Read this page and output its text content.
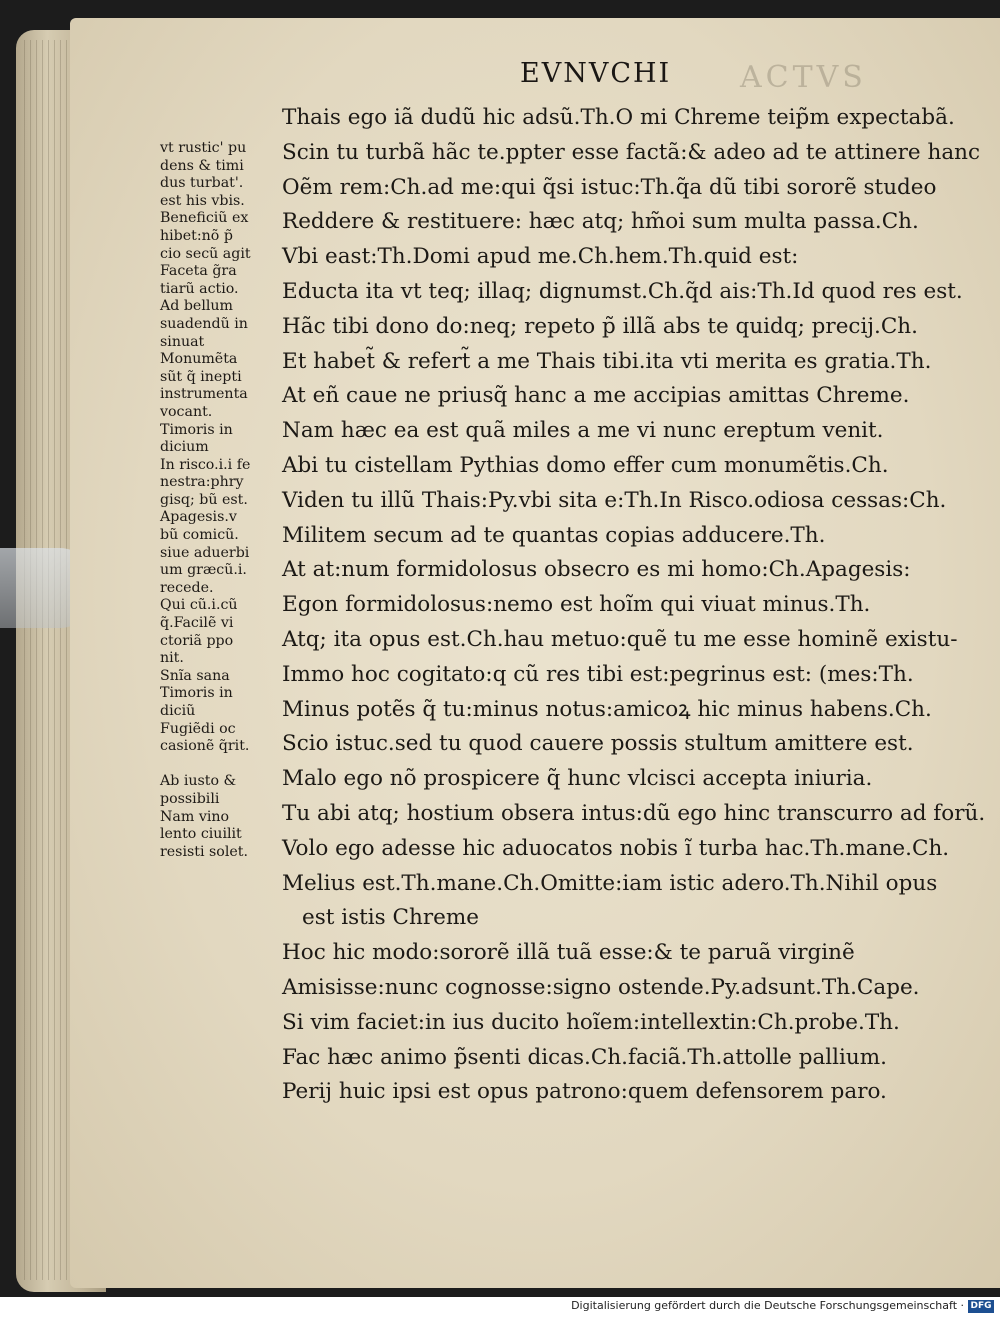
ACTVS
EVNVCHI
Thais ego iã dudũ hic adsũ.Th.O mi Chreme teip̃m expectabã.
Scin tu turbã hãc te.ppter esse factã:& adeo ad te attinere hanc
Oẽm rem:Ch.ad me:qui q̃si istuc:Th.q̃a dũ tibi sororẽ studeo
Reddere & restituere: hæc atq; hm̃oi sum multa passa.Ch.
Vbi east:Th.Domi apud me.Ch.hem.Th.quid est:
Educta ita vt teq; illaq; dignumst.Ch.q̃d ais:Th.Id quod res est.
Hãc tibi dono do:neq; repeto p̃ illã abs te quidq; precij.Ch.
Et habet̃ & refert̃ a me Thais tibi.ita vti merita es gratia.Th.
At eñ caue ne priusq̃ hanc a me accipias amittas Chreme.
Nam hæc ea est quã miles a me vi nunc ereptum venit.
Abi tu cistellam Pythias domo effer cum monumẽtis.Ch.
Viden tu illũ Thais:Py.vbi sita e:Th.In Risco.odiosa cessas:Ch.
Militem secum ad te quantas copias adducere.Th.
At at:num formidolosus obsecro es mi homo:Ch.Apagesis:
Egon formidolosus:nemo est hoĩm qui viuat minus.Th.
Atq; ita opus est.Ch.hau metuo:quẽ tu me esse hominẽ existu-
Immo hoc cogitato:q cũ res tibi est:pegrinus est: (mes:Th.
Minus potẽs q̃ tu:minus notus:amicoꝝ hic minus habens.Ch.
Scio istuc.sed tu quod cauere possis stultum amittere est.
Malo ego nõ prospicere q̃ hunc vlcisci accepta iniuria.
Tu abi atq; hostium obsera intus:dũ ego hinc transcurro ad forũ.
Volo ego adesse hic aduocatos nobis ĩ turba hac.Th.mane.Ch.
Melius est.Th.mane.Ch.Omitte:iam istic adero.Th.Nihil opus
est istis Chreme
Hoc hic modo:sororẽ illã tuã esse:& te paruã virginẽ
Amisisse:nunc cognosse:signo ostende.Py.adsunt.Th.Cape.
Si vim faciet:in ius ducito hoĩem:intellextin:Ch.probe.Th.
Fac hæc animo p̃senti dicas.Ch.faciã.Th.attolle pallium.
Perij huic ipsi est opus patrono:quem defensorem paro.
vt rustic' pu
dens & timi
dus turbat'.
est his vbis.
Beneficiũ ex
hibet:nõ p̃
cio secũ agit
Faceta g̃ra
tiarũ actio.
Ad bellum
suadendũ in
sinuat
Monumẽta
sũt q̃ inepti
instrumenta
vocant.
Timoris in
dicium
In risco.i.i fe
nestra:phry
gisq; bũ est.
Apagesis.v
bũ comicũ.
siue aduerbi
um græcũ.i.
recede.
Qui cũ.i.cũ
q̃.Facilẽ vi
ctoriã ppo
nit.
Snĩa sana
Timoris in
diciũ
Fugiẽdi oc
casionẽ q̃rit.
Ab iusto &
possibili
Nam vino
lento ciuilit
resisti solet.
Digitalisierung gefördert durch die Deutsche Forschungsgemeinschaft · DFG
